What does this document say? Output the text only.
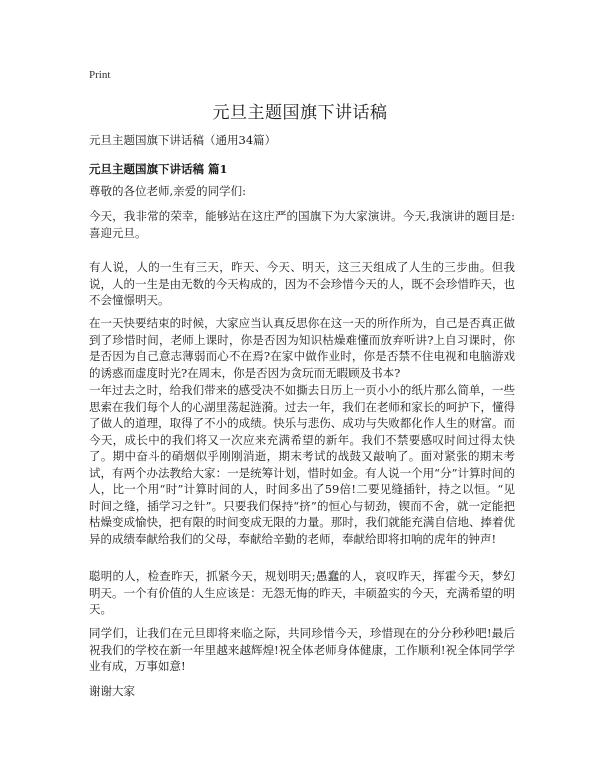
Print
元旦主题国旗下讲话稿
元旦主题国旗下讲话稿（通用34篇）
元旦主题国旗下讲话稿 篇1

尊敬的各位老师,亲爱的同学们:

今天，我非常的荣幸，能够站在这庄严的国旗下为大家演讲。今天,我演讲的题目是:喜迎元旦。

有人说，人的一生有三天，昨天、今天、明天，这三天组成了人生的三步曲。但我说，人的一生是由无数的今天构成的，因为不会珍惜今天的人，既不会珍惜昨天，也不会憧憬明天。

在一天快要结束的时候，大家应当认真反思你在这一天的所作所为，自己是否真正做到了珍惜时间，老师上课时，你是否因为知识枯燥难懂而放弃听讲?上自习课时，你是否因为自己意志薄弱而心不在焉?在家中做作业时，你是否禁不住电视和电脑游戏的诱惑而虚度时光?在周末，你是否因为贪玩而无暇顾及书本?

一年过去之时，给我们带来的感受决不如撕去日历上一页小小的纸片那么简单，一些思索在我们每个人的心湖里荡起涟漪。过去一年，我们在老师和家长的呵护下，懂得了做人的道理，取得了不小的成绩。快乐与悲伤、成功与失败都化作人生的财富。而今天，成长中的我们将又一次应来充满希望的新年。我们不禁要感叹时间过得太快了。期中奋斗的硝烟似乎刚刚消逝，期末考试的战鼓又敲响了。面对紧张的期末考试，有两个办法教给大家：一是统筹计划，惜时如金。有人说一个用“分”计算时间的人，比一个用“时”计算时间的人，时间多出了59倍!二要见缝插针，持之以恒。“见时间之缝，插学习之针”。只要我们保持“挤”的恒心与韧劲，锲而不舍，就一定能把枯燥变成愉快，把有限的时间变成无限的力量。那时，我们就能充满自信地、捧着优异的成绩奉献给我们的父母，奉献给辛勤的老师，奉献给即将扣响的虎年的钟声!

聪明的人，检查昨天，抓紧今天，规划明天;愚蠢的人，哀叹昨天，挥霍今天，梦幻明天。一个有价值的人生应该是：无怨无悔的昨天，丰硕盈实的今天，充满希望的明天。

同学们，让我们在元旦即将来临之际，共同珍惜今天，珍惜现在的分分秒秒吧!最后祝我们的学校在新一年里越来越辉煌!祝全体老师身体健康，工作顺利!祝全体同学学业有成，万事如意!

谢谢大家
